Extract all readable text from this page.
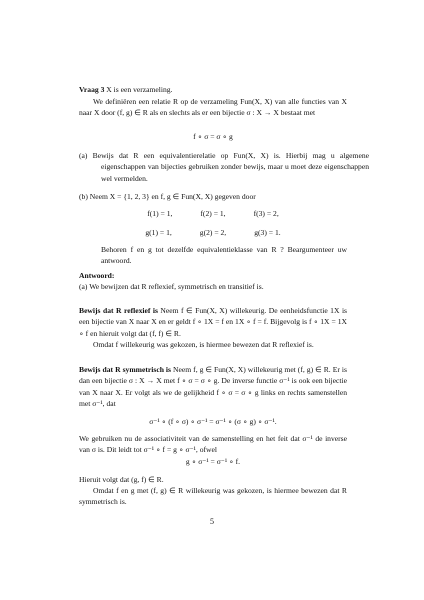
Vraag 3 X is een verzameling.
We definiëren een relatie R op de verzameling Fun(X, X) van alle functies van X naar X door (f, g) ∈ R als en slechts als er een bijectie σ : X → X bestaat met
f ∘ σ = σ ∘ g
(a) Bewijs dat R een equivalentierelatie op Fun(X, X) is. Hierbij mag u algemene eigenschappen van bijecties gebruiken zonder bewijs, maar u moet deze eigenschappen wel vermelden.
(b) Neem X = {1, 2, 3} en f, g ∈ Fun(X, X) gegeven door
f(1) = 1,	f(2) = 1,	f(3) = 2,
g(1) = 1,	g(2) = 2,	g(3) = 1.
Behoren f en g tot dezelfde equivalentieklasse van R ? Beargumenteer uw antwoord.
Antwoord:
(a) We bewijzen dat R reflexief, symmetrisch en transitief is.
Bewijs dat R reflexief is Neem f ∈ Fun(X, X) willekeurig. De eenheidsfunctie 1X is een bijectie van X naar X en er geldt f ∘ 1X = f en 1X ∘ f = f. Bijgevolg is f ∘ 1X = 1X ∘ f en hieruit volgt dat (f, f) ∈ R.
Omdat f willekeurig was gekozen, is hiermee bewezen dat R reflexief is.
Bewijs dat R symmetrisch is Neem f, g ∈ Fun(X, X) willekeurig met (f, g) ∈ R. Er is dan een bijectie σ : X → X met f ∘ σ = σ ∘ g. De inverse functie σ⁻¹ is ook een bijectie van X naar X. Er volgt als we de gelijkheid f ∘ σ = σ ∘ g links en rechts samenstellen met σ⁻¹, dat
σ⁻¹ ∘ (f ∘ σ) ∘ σ⁻¹ = σ⁻¹ ∘ (σ ∘ g) ∘ σ⁻¹.
We gebruiken nu de associativiteit van de samenstelling en het feit dat σ⁻¹ de inverse van σ is. Dit leidt tot σ⁻¹ ∘ f = g ∘ σ⁻¹, ofwel
g ∘ σ⁻¹ = σ⁻¹ ∘ f.
Hieruit volgt dat (g, f) ∈ R.
Omdat f en g met (f, g) ∈ R willekeurig was gekozen, is hiermee bewezen dat R symmetrisch is.
5
